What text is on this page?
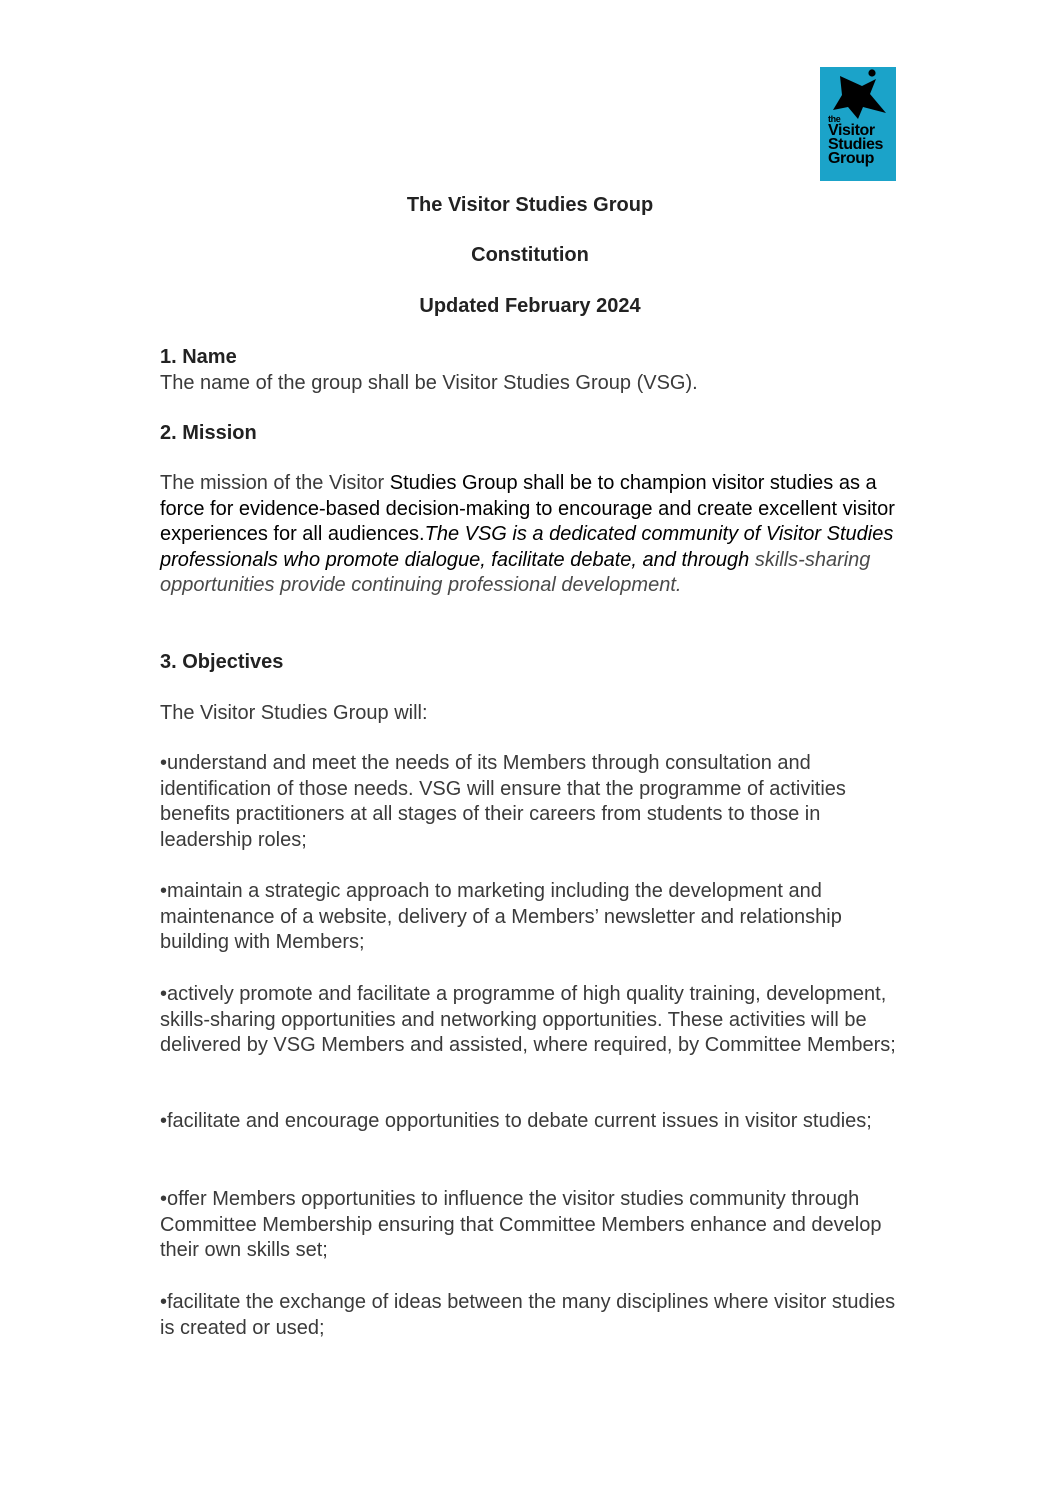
the
Visitor
Studies
Group
The Visitor Studies Group
Constitution
Updated February 2024

1. Name

The name of the group shall be Visitor Studies Group (VSG).

2. Mission

The mission of the Visitor Studies Group shall be to champion visitor studies as a force for evidence-based decision-making to encourage and create excellent visitor experiences for all audiences.The VSG is a dedicated community of Visitor Studies professionals who promote dialogue, facilitate debate, and through skills-sharing opportunities provide continuing professional development.

3. Objectives

The Visitor Studies Group will:

•understand and meet the needs of its Members through consultation and identification of those needs. VSG will ensure that the programme of activities benefits practitioners at all stages of their careers from students to those in leadership roles;

•maintain a strategic approach to marketing including the development and maintenance of a website, delivery of a Members’ newsletter and relationship building with Members;

•actively promote and facilitate a programme of high quality training, development, skills-sharing opportunities and networking opportunities. These activities will be delivered by VSG Members and assisted, where required, by Committee Members;

•facilitate and encourage opportunities to debate current issues in visitor studies;

•offer Members opportunities to influence the visitor studies community through Committee Membership ensuring that Committee Members enhance and develop their own skills set;

•facilitate the exchange of ideas between the many disciplines where visitor studies is created or used;
